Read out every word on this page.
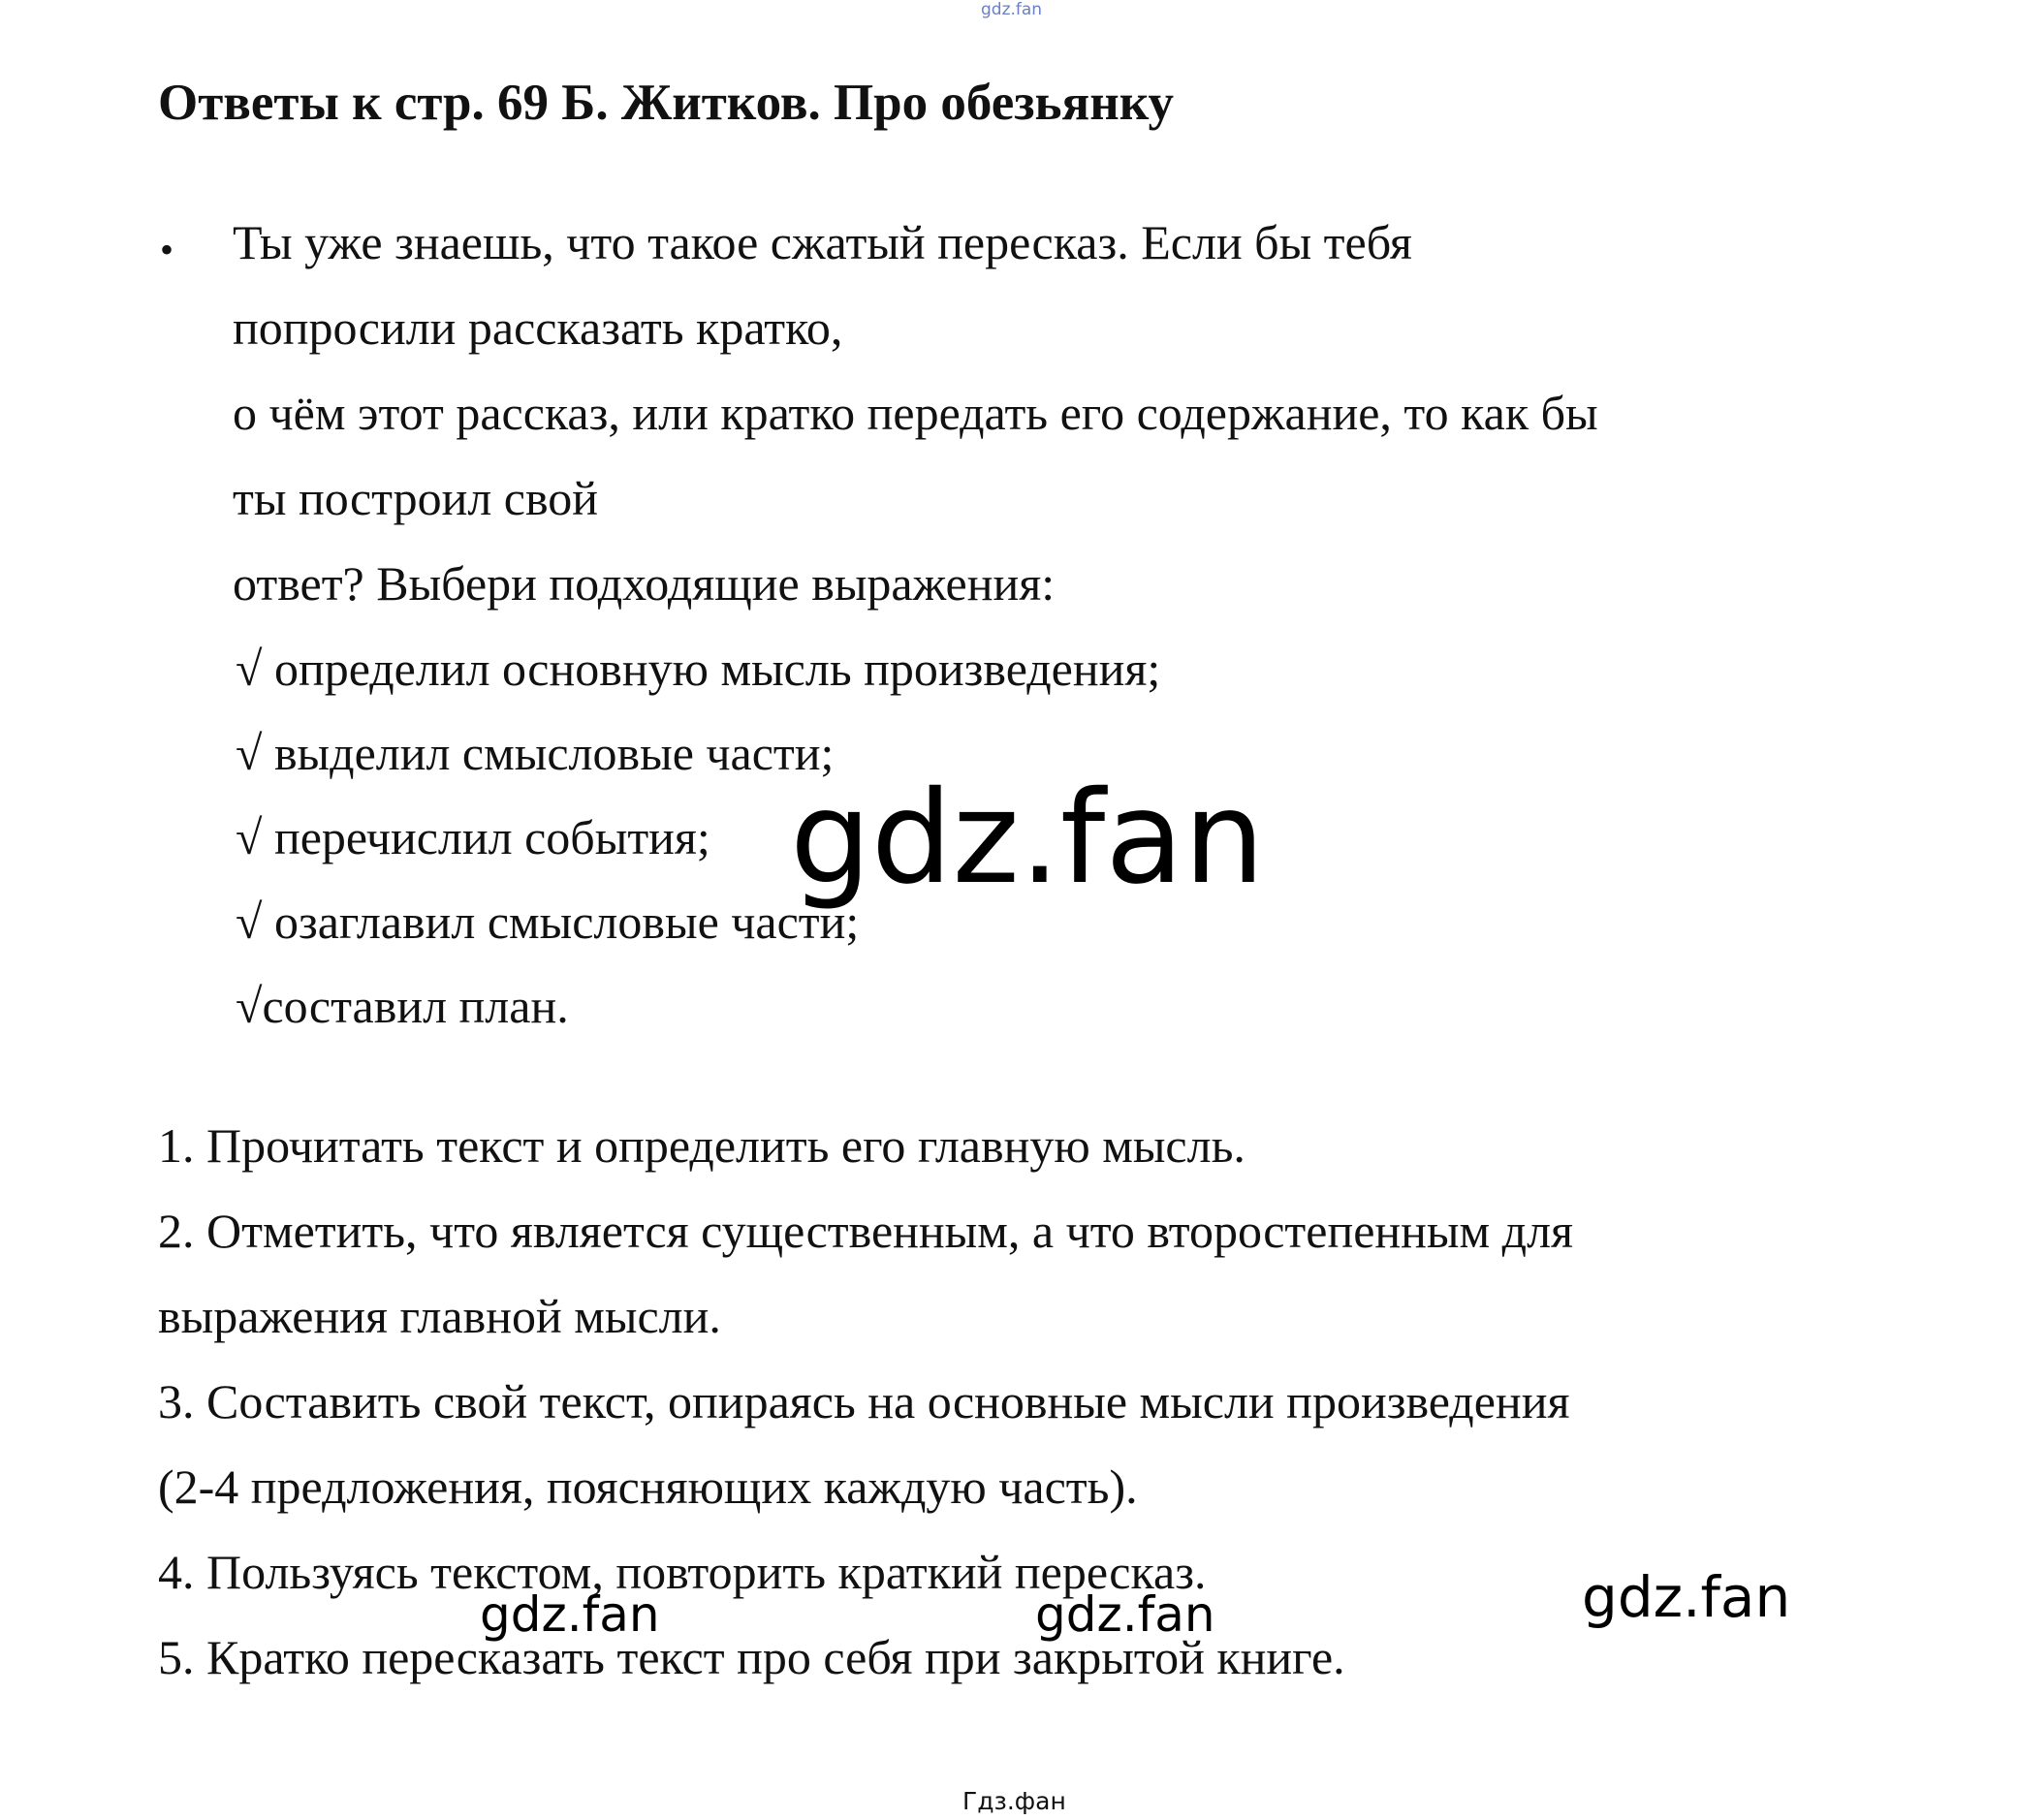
gdz.fan
Ответы к стр. 69 Б. Житков. Про обезьянку
• Ты уже знаешь, что такое сжатый пересказ. Если бы тебя
попросили рассказать кратко,
о чём этот рассказ, или кратко передать его содержание, то как бы
ты построил свой
ответ? Выбери подходящие выражения:
√ определил основную мысль произведения;
√ выделил смысловые части;
√ перечислил события;
√ озаглавил смысловые части;
√составил план.
1. Прочитать текст и определить его главную мысль.
2. Отметить, что является существенным, а что второстепенным для
выражения главной мысли.
3. Составить свой текст, опираясь на основные мысли произведения
(2-4 предложения, поясняющих каждую часть).
4. Пользуясь текстом, повторить краткий пересказ.
5. Кратко пересказать текст про себя при закрытой книге.
gdz.fan
gdz.fan
gdz.fan	gdz.fan
Гдз.фан
